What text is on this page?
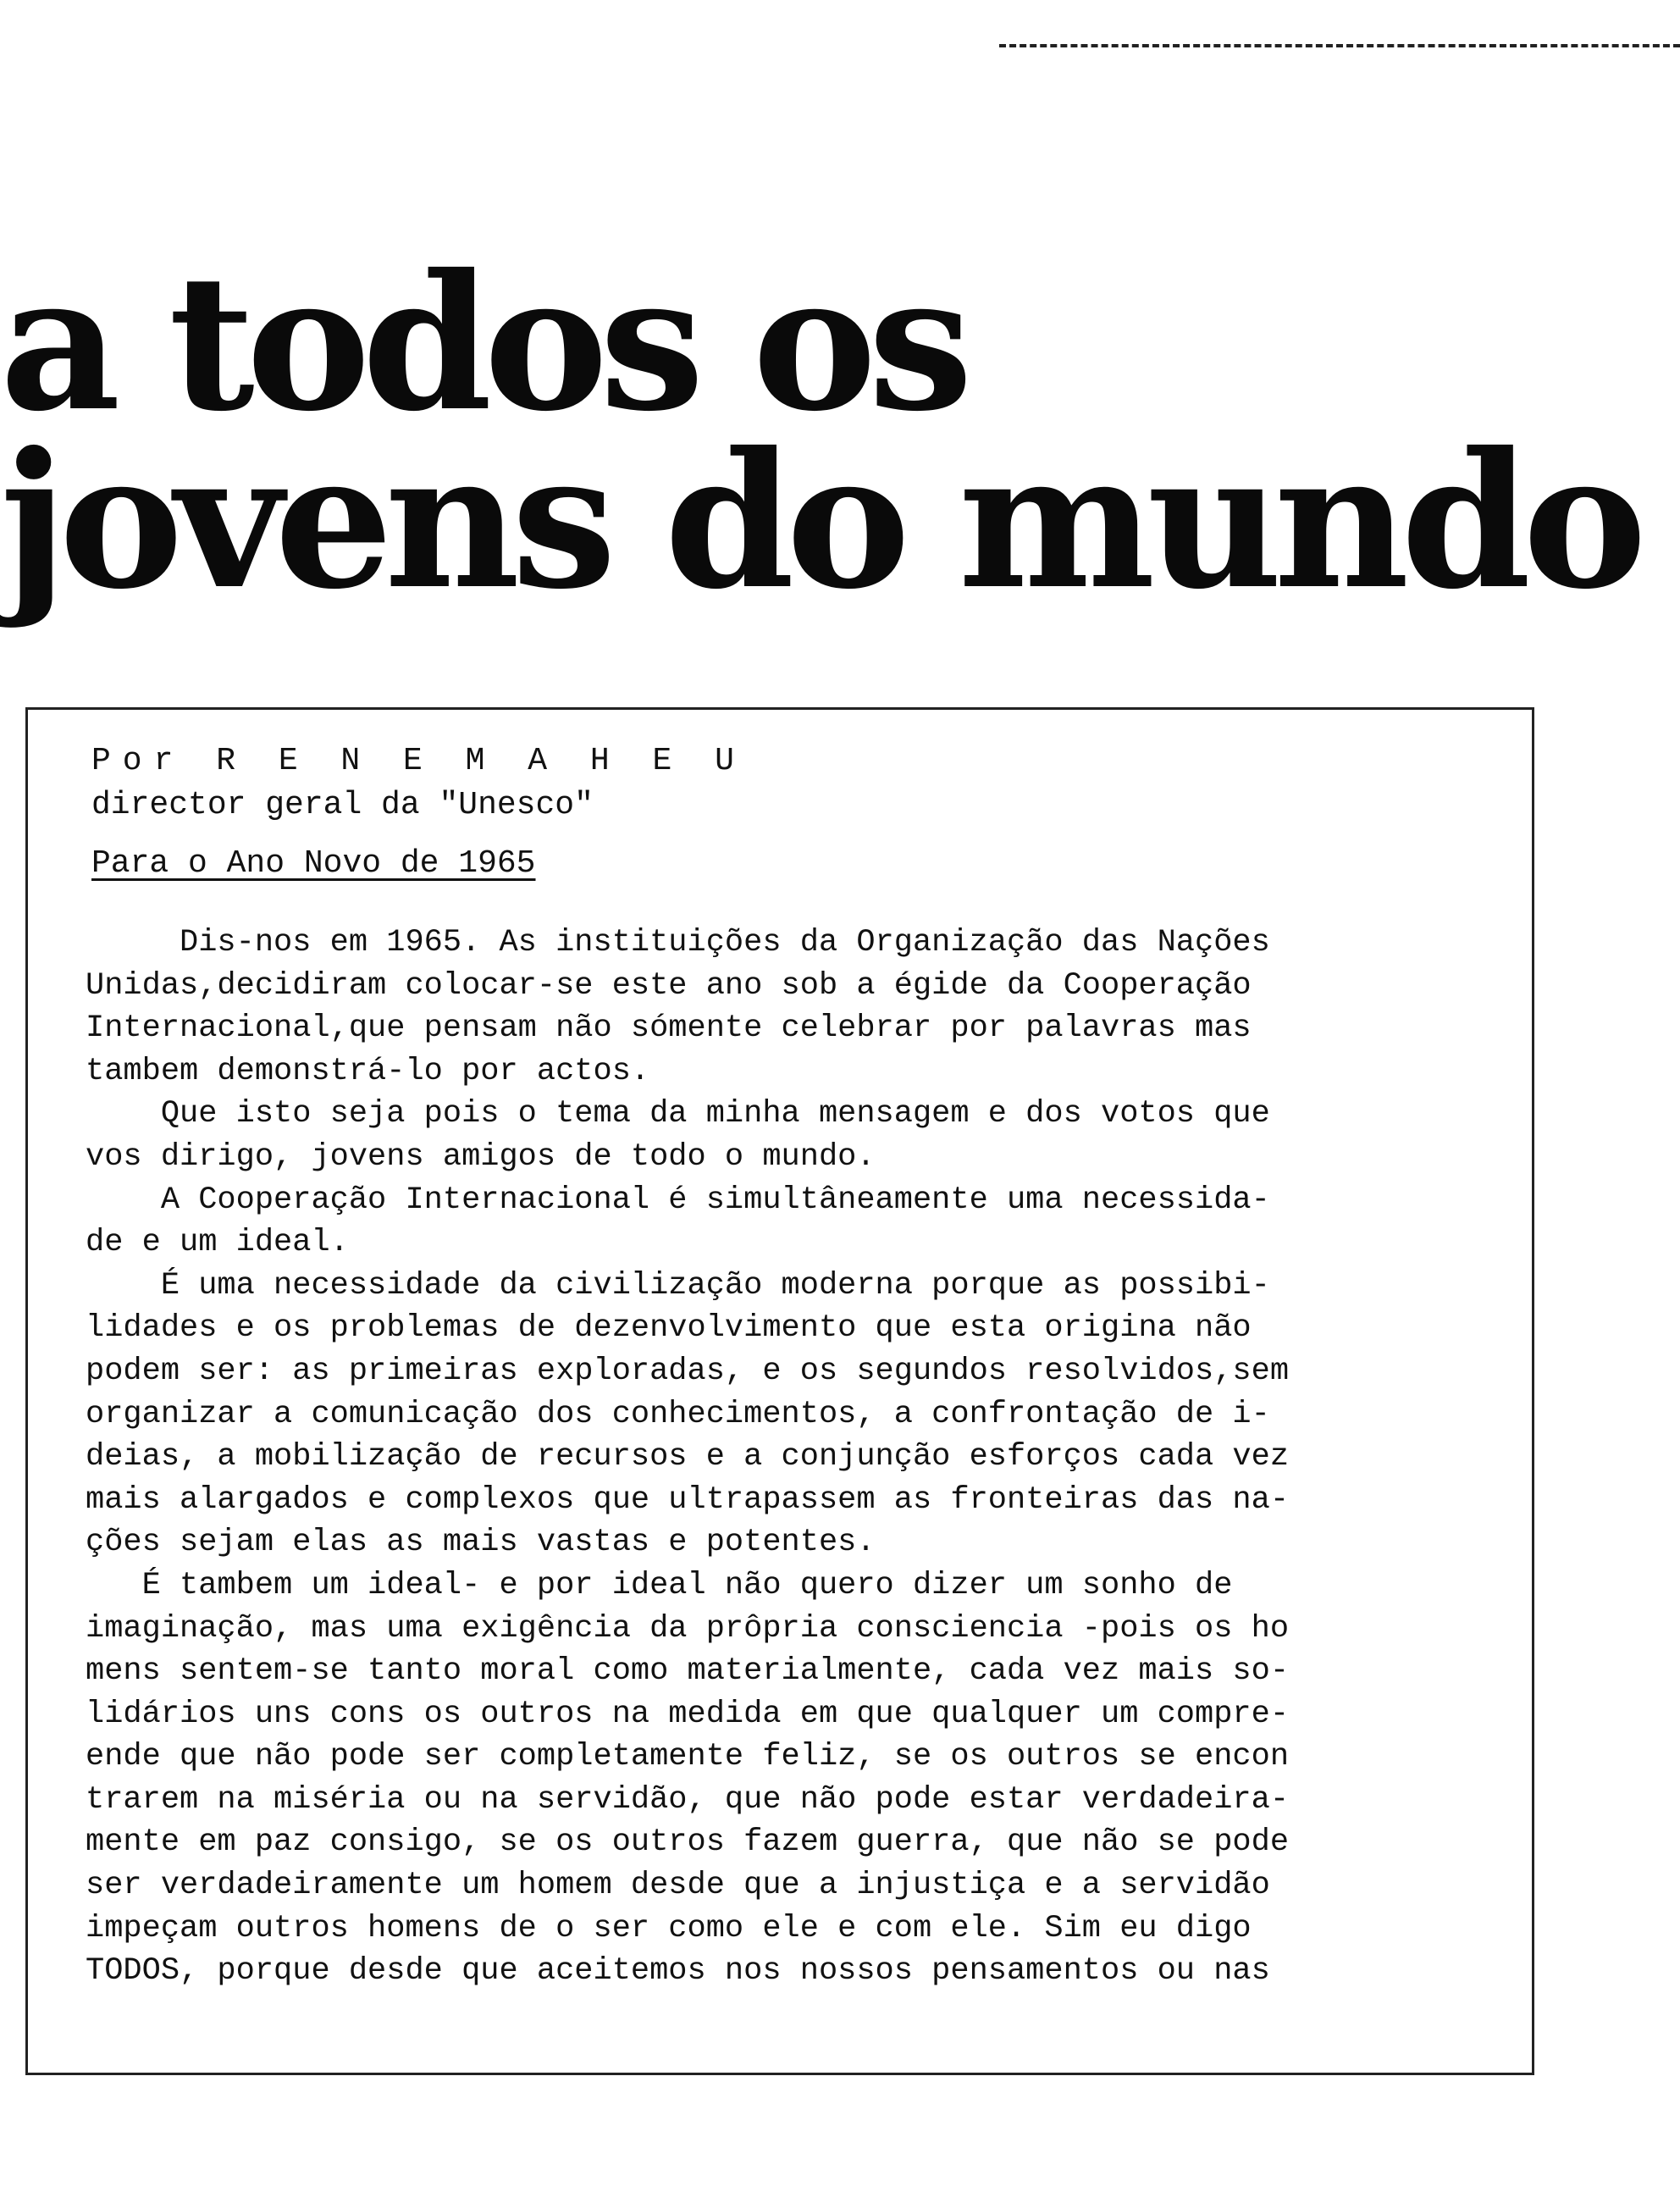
a todos os
jovens do mundo
Por R E N E M A H E U
director geral da "Unesco"
Para o Ano Novo de 1965
Dis-nos em 1965. As instituições da Organização das Nações
Unidas,decidiram colocar-se este ano sob a égide da Cooperação
Internacional,que pensam não sómente celebrar por palavras mas
tambem demonstrá-lo por actos.
Que isto seja pois o tema da minha mensagem e dos votos que
vos dirigo, jovens amigos de todo o mundo.
A Cooperação Internacional é simultâneamente uma necessida-
de e um ideal.
É uma necessidade da civilização moderna porque as possibi-
lidades e os problemas de dezenvolvimento que esta origina não
podem ser: as primeiras exploradas, e os segundos resolvidos,sem
organizar a comunicação dos conhecimentos, a confrontação de i-
deias, a mobilização de recursos e a conjunção esforços cada vez
mais alargados e complexos que ultrapassem as fronteiras das na-
ções sejam elas as mais vastas e potentes.
É tambem um ideal- e por ideal não quero dizer um sonho de
imaginação, mas uma exigência da prôpria consciencia -pois os ho
mens sentem-se tanto moral como materialmente, cada vez mais so-
lidários uns cons os outros na medida em que qualquer um compre-
ende que não pode ser completamente feliz, se os outros se encon
trarem na miséria ou na servidão, que não pode estar verdadeira-
mente em paz consigo, se os outros fazem guerra, que não se pode
ser verdadeiramente um homem desde que a injustiça e a servidão
impeçam outros homens de o ser como ele e com ele. Sim eu digo
TODOS, porque desde que aceitemos nos nossos pensamentos ou nas
